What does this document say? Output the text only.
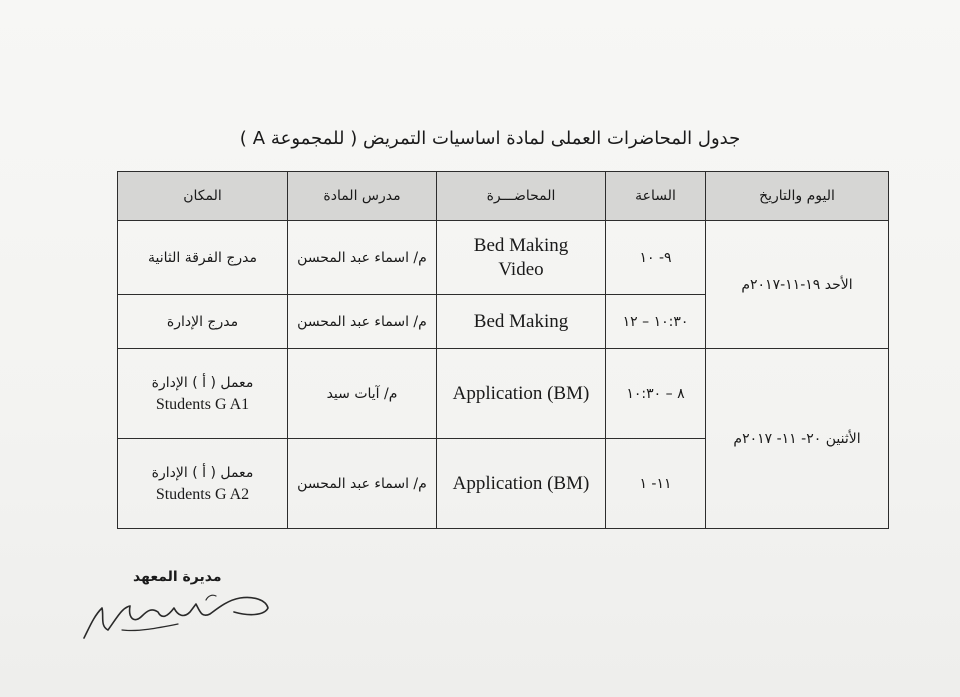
جدول المحاضرات العملى لمادة اساسيات التمريض ( للمجموعة A )
اليوم والتاريخ	الساعة	المحاضـــرة	مدرس المادة	المكان
الأحد ١٩-١١-٢٠١٧م	٩- ١٠	Bed Making Video	م/ اسماء عبد المحسن	مدرج الفرقة الثانية
	١٠:٣٠ – ١٢	Bed Making	م/ اسماء عبد المحسن	مدرج الإدارة
الأثنين ٢٠- ١١- ٢٠١٧م	٨ – ١٠:٣٠	Application (BM)	م/ آيات سيد	معمل ( أ ) الإدارة
Students G A1

	١١- ١	Application (BM)	م/ اسماء عبد المحسن	معمل ( أ ) الإدارة
Students G A2
مديرة المعهد
